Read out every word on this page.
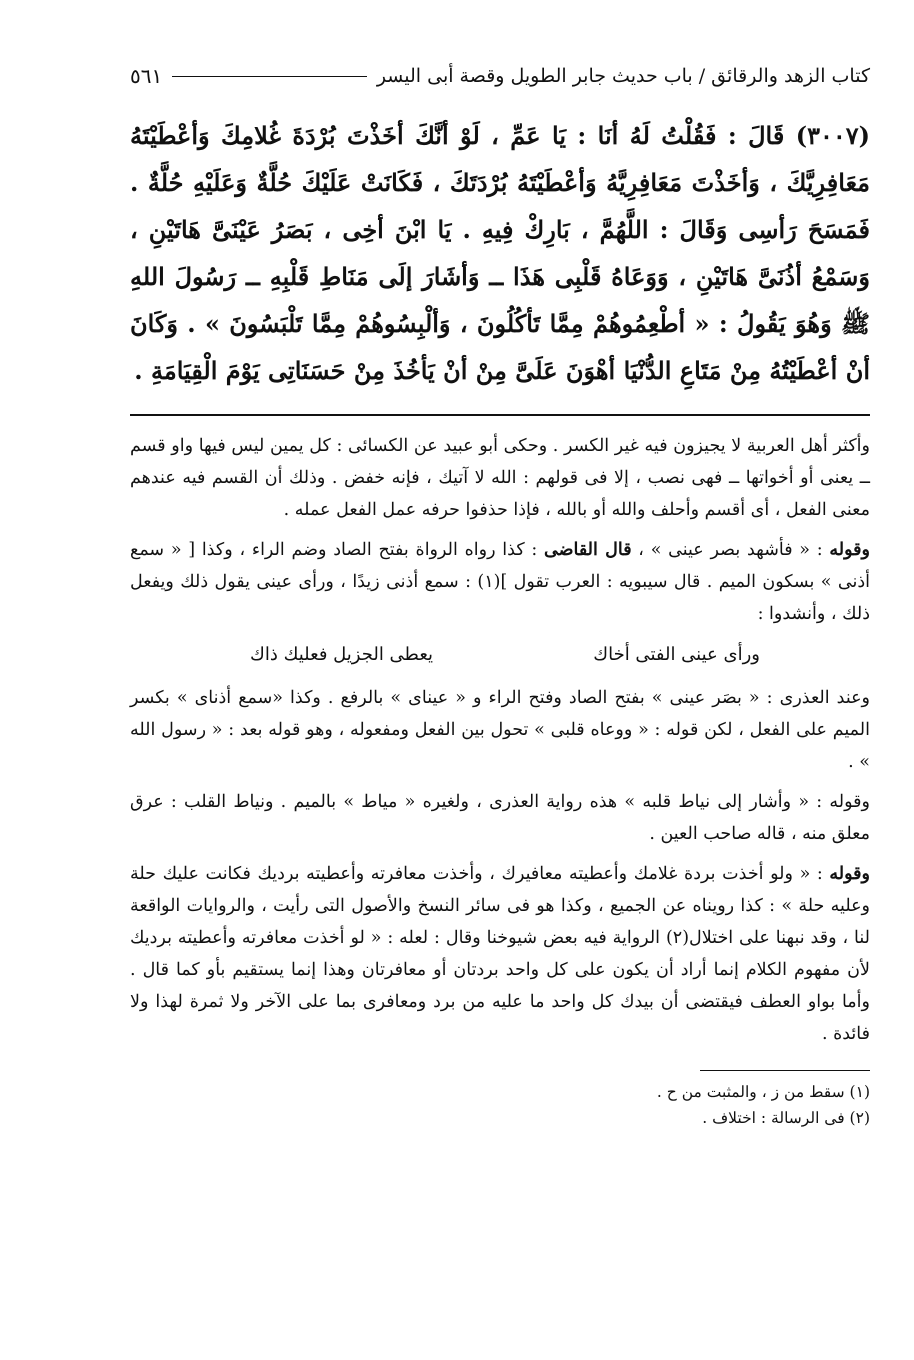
كتاب الزهد والرقائق / باب حديث جابر الطويل وقصة أبى اليسر
٥٦١
(٣٠٠٧) قَالَ : فَقُلْتُ لَهُ أنَا : يَا عَمِّ ، لَوْ أنَّكَ أخَذْتَ بُرْدَةَ غُلامِكَ وَأعْطَيْتَهُ مَعَافِرِيَّكَ ، وَأخَذْتَ مَعَافِرِيَّهُ وَأعْطَيْتَهُ بُرْدَتَكَ ، فَكَانَتْ عَلَيْكَ حُلَّةٌ وَعَلَيْهِ حُلَّةٌ . فَمَسَحَ رَأسِى وَقَالَ : اللَّهُمَّ ، بَارِكْ فِيهِ . يَا ابْنَ أخِى ، بَصَرُ عَيْنَىَّ هَاتَيْنِ ، وَسَمْعُ أذُنَىَّ هَاتَيْنِ ، وَوَعَاهُ قَلْبِى هَذَا ــ وَأشَارَ إلَى مَنَاطِ قَلْبِهِ ــ رَسُولَ اللهِ ﷺ وَهُوَ يَقُولُ : « أطْعِمُوهُمْ مِمَّا تَأكُلُونَ ، وَألْبِسُوهُمْ مِمَّا تَلْبَسُونَ » . وَكَانَ أنْ أعْطَيْتُهُ مِنْ مَتَاعِ الدُّنْيَا أهْوَنَ عَلَىَّ مِنْ أنْ يَأخُذَ مِنْ حَسَنَاتِى يَوْمَ الْقِيَامَةِ .

وأكثر أهل العربية لا يجيزون فيه غير الكسر . وحكى أبو عبيد عن الكسائى : كل يمين ليس فيها واو قسم ــ يعنى أو أخواتها ــ فهى نصب ، إلا فى قولهم : الله لا آتيك ، فإنه خفض . وذلك أن القسم فيه عندهم معنى الفعل ، أى أقسم وأحلف والله أو بالله ، فإذا حذفوا حرفه عمل الفعل عمله .

وقوله : « فأشهد بصر عينى » ، قال القاضى : كذا رواه الرواة بفتح الصاد وضم الراء ، وكذا [ « سمع أذنى » بسكون الميم . قال سيبويه : العرب تقول ](١) : سمع أذنى زيدًا ، ورأى عينى يقول ذلك ويفعل ذلك ، وأنشدوا :

ورأى عينى الفتى أخاك
يعطى الجزيل فعليك ذاك

وعند العذرى : « بصَر عينى » بفتح الصاد وفتح الراء و « عيناى » بالرفع . وكذا «سمع أذناى » بكسر الميم على الفعل ، لكن قوله : « ووعاه قلبى » تحول بين الفعل ومفعوله ، وهو قوله بعد : « رسول الله » .

وقوله : « وأشار إلى نياط قلبه » هذه رواية العذرى ، ولغيره « مياط » بالميم . ونياط القلب : عرق معلق منه ، قاله صاحب العين .

وقوله : « ولو أخذت بردة غلامك وأعطيته معافيرك ، وأخذت معافرته وأعطيته برديك فكانت عليك حلة وعليه حلة » : كذا رويناه عن الجميع ، وكذا هو فى سائر النسخ والأصول التى رأيت ، والروايات الواقعة لنا ، وقد نبهنا على اختلال(٢) الرواية فيه بعض شيوخنا وقال : لعله : « لو أخذت معافرته وأعطيته برديك لأن مفهوم الكلام إنما أراد أن يكون على كل واحد بردتان أو معافرتان وهذا إنما يستقيم بأو كما قال . وأما بواو العطف فيقتضى أن بيدك كل واحد ما عليه من برد ومعافرى بما على الآخر ولا ثمرة لهذا ولا فائدة .

(١) سقط من ز ، والمثبت من ح .
(٢) فى الرسالة : اختلاف .
